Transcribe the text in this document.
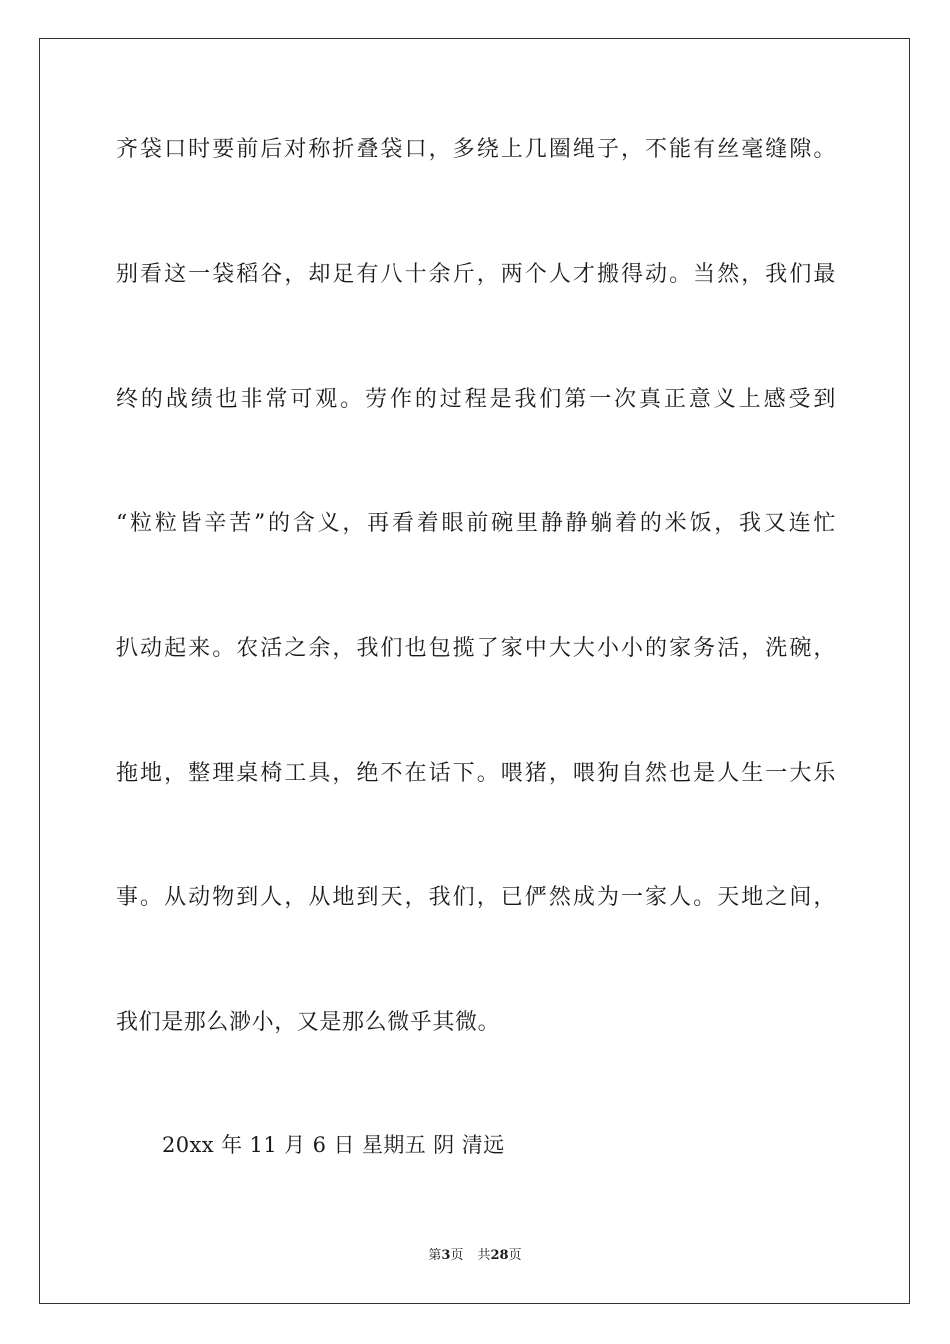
齐袋口时要前后对称折叠袋口，多绕上几圈绳子，不能有丝毫缝隙。
别看这一袋稻谷，却足有八十余斤，两个人才搬得动。当然，我们最
终的战绩也非常可观。劳作的过程是我们第一次真正意义上感受到
“粒粒皆辛苦”的含义，再看着眼前碗里静静躺着的米饭，我又连忙
扒动起来。农活之余，我们也包揽了家中大大小小的家务活，洗碗，
拖地，整理桌椅工具，绝不在话下。喂猪，喂狗自然也是人生一大乐
事。从动物到人，从地到天，我们，已俨然成为一家人。天地之间，
我们是那么渺小，又是那么微乎其微。
20xx 年 11 月 6 日 星期五 阴 清远
第3页 共28页
